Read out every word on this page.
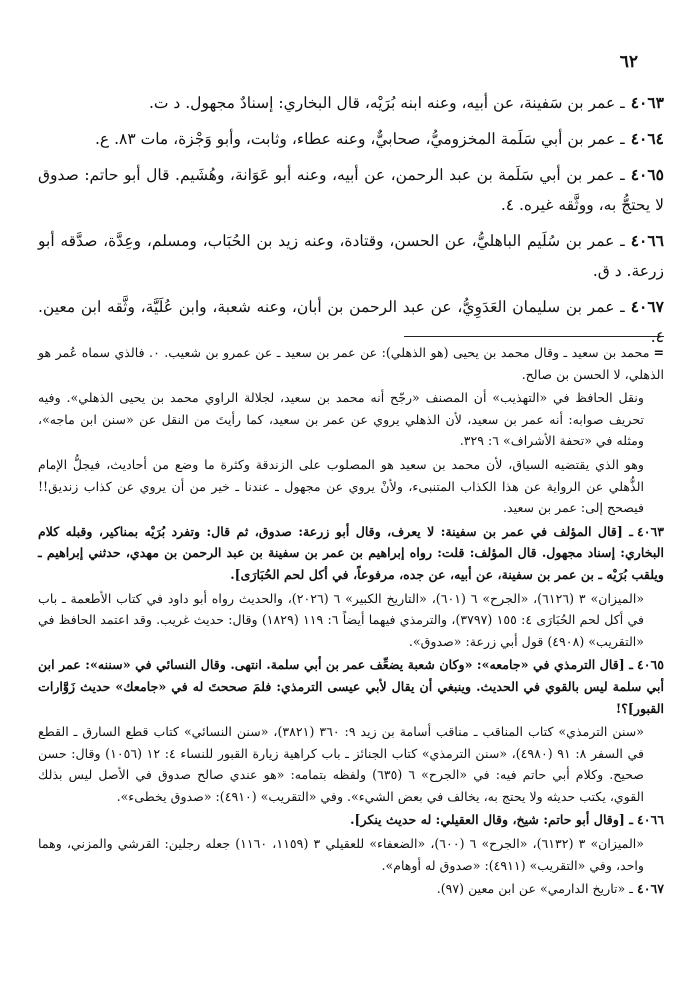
٦٢
٤٠٦٣ـ عمر بن سَفينة، عن أبيه، وعنه ابنه بُرَيْه، قال البخاري: إسنادٌ مجهول. د ت.
٤٠٦٤ـ عمر بن أبي سَلَمة المخزوميُّ، صحابيٌّ، وعنه عطاء، وثابت، وأبو وَجْزة، مات ٨٣. ع.
٤٠٦٥ـ عمر بن أبي سَلَمة بن عبد الرحمن، عن أبيه، وعنه أبو عَوَانة، وهُشَيم. قال أبو حاتم: صدوق لا يحتجُّ به، ووثَّقه غيره. ٤.
٤٠٦٦ـ عمر بن سُلَيم الباهليُّ، عن الحسن، وقتادة، وعنه زيد بن الحُبَاب، ومسلم، وعِدَّة، صدَّقه أبو زرعة. د ق.
٤٠٦٧ـ عمر بن سليمان العَدَوِيُّ، عن عبد الرحمن بن أبان، وعنه شعبة، وابن عُلَيَّة، وثَّقه ابن معين. ٤.

=محمد بن سعيد ـ وقال محمد بن يحيى (هو الذهلي): عن عمر بن سعيد ـ عن عمرو بن شعيب. ٠. فالذي سماه عُمر هو الذهلي، لا الحسن بن صالح.

ونقل الحافظ في «التهذيب» أن المصنف «رجّح أنه محمد بن سعيد، لجلالة الراوي محمد بن يحيى الذهلي». وفيه تحريف صوابه: أنه عمر بن سعيد، لأن الذهلي يروي عن عمر بن سعيد، كما رأيتَ من النقل عن «سنن ابن ماجه»، ومثله في «تحفة الأشراف» ٦: ٣٢٩.

وهو الذي يقتضيه السياق، لأن محمد بن سعيد هو المصلوب على الزندقة وكثرة ما وضع من أحاديث، فيجلُّ الإمام الذُّهلي عن الرواية عن هذا الكذاب المتنبىء، ولأنْ يروي عن مجهول ـ عندنا ـ خير من أن يروي عن كذاب زنديق!! فيصحح إلى: عمر بن سعيد.

٤٠٦٣ـ [قال المؤلف في عمر بن سفينة: لا يعرف، وقال أبو زرعة: صدوق، ثم قال: وتفرد بُرَيْه بمناكير، وقبله كلام البخاري: إسناد مجهول. قال المؤلف: قلت: رواه إبراهيم بن عمر بن سفينة بن عبد الرحمن بن مهدي، حدثني إبراهيم ـ ويلقب بُرَيْه ـ بن عمر بن سفينة، عن أبيه، عن جده، مرفوعاً، في أكل لحم الحُبَارَى].

«الميزان» ٣ (٦١٢٦)، «الجرح» ٦ (٦٠١)، «التاريخ الكبير» ٦ (٢٠٢٦)، والحديث رواه أبو داود في كتاب الأطعمة ـ باب في أكل لحم الحُبَارَى ٤: ١٥٥ (٣٧٩٧)، والترمذي فيهما أيضاً ٦: ١١٩ (١٨٢٩) وقال: حديث غريب. وقد اعتمد الحافظ في «التقريب» (٤٩٠٨) قول أبي زرعة: «صدوق».

٤٠٦٥ـ [قال الترمذي في «جامعه»: «وكان شعبة يضعِّف عمر بن أبي سلمة. انتهى. وقال النسائي في «سننه»: عمر ابن أبي سلمة ليس بالقوي في الحديث. وينبغي أن يقال لأبي عيسى الترمذي: فلمَ صححتَ له في «جامعك» حديث زَوَّارات القبور]؟!

«سنن الترمذي» كتاب المناقب ـ مناقب أسامة بن زيد ٩: ٣٦٠ (٣٨٢١)، «سنن النسائي» كتاب قطع السارق ـ القطع في السفر ٨: ٩١ (٤٩٨٠)، «سنن الترمذي» كتاب الجنائز ـ باب كراهية زيارة القبور للنساء ٤: ١٢ (١٠٥٦) وقال: حسن صحيح. وكلام أبي حاتم فيه: في «الجرح» ٦ (٦٣٥) ولفظه بتمامه: «هو عندي صالح صدوق في الأصل ليس بذلك القوي، يكتب حديثه ولا يحتج به، يخالف في بعض الشيء». وفي «التقريب» (٤٩١٠): «صدوق يخطىء».

٤٠٦٦ـ [وقال أبو حاتم: شيخ، وقال العقيلي: له حديث ينكر].

«الميزان» ٣ (٦١٣٢)، «الجرح» ٦ (٦٠٠)، «الضعفاء» للعقيلي ٣ (١١٥٩، ١١٦٠) جعله رجلين: القرشي والمزني، وهما واحد، وفي «التقريب» (٤٩١١): «صدوق له أوهام».

٤٠٦٧ـ «تاريخ الدارمي» عن ابن معين (٩٧).
